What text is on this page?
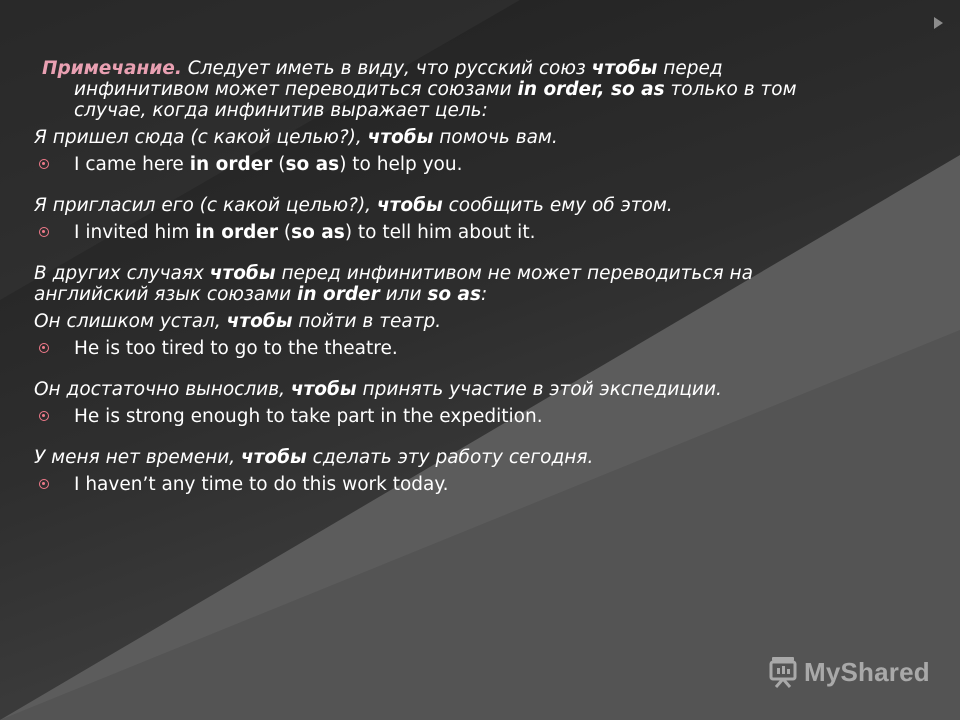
Примечание. Следует иметь в виду, что русский союз чтобы перед

инфинитивом может переводиться союзами in order, so as только в том

случае, когда инфинитив выражает цель:

Я пришел сюда (с какой целью?), чтобы помочь вам.

I came here in order (so as) to help you.

Я пригласил его (с какой целью?), чтобы сообщить ему об этом.

I invited him in order (so as) to tell him about it.

В других случаях чтобы перед инфинитивом не может переводиться на

английский язык союзами in order или so as:

Он слишком устал, чтобы пойти в театр.

He is too tired to go to the theatre.

Он достаточно вынослив, чтобы принять участие в этой экспедиции.

He is strong enough to take part in the expedition.

У меня нет времени, чтобы сделать эту работу сегодня.

I haven’t any time to do this work today.

MyShared
